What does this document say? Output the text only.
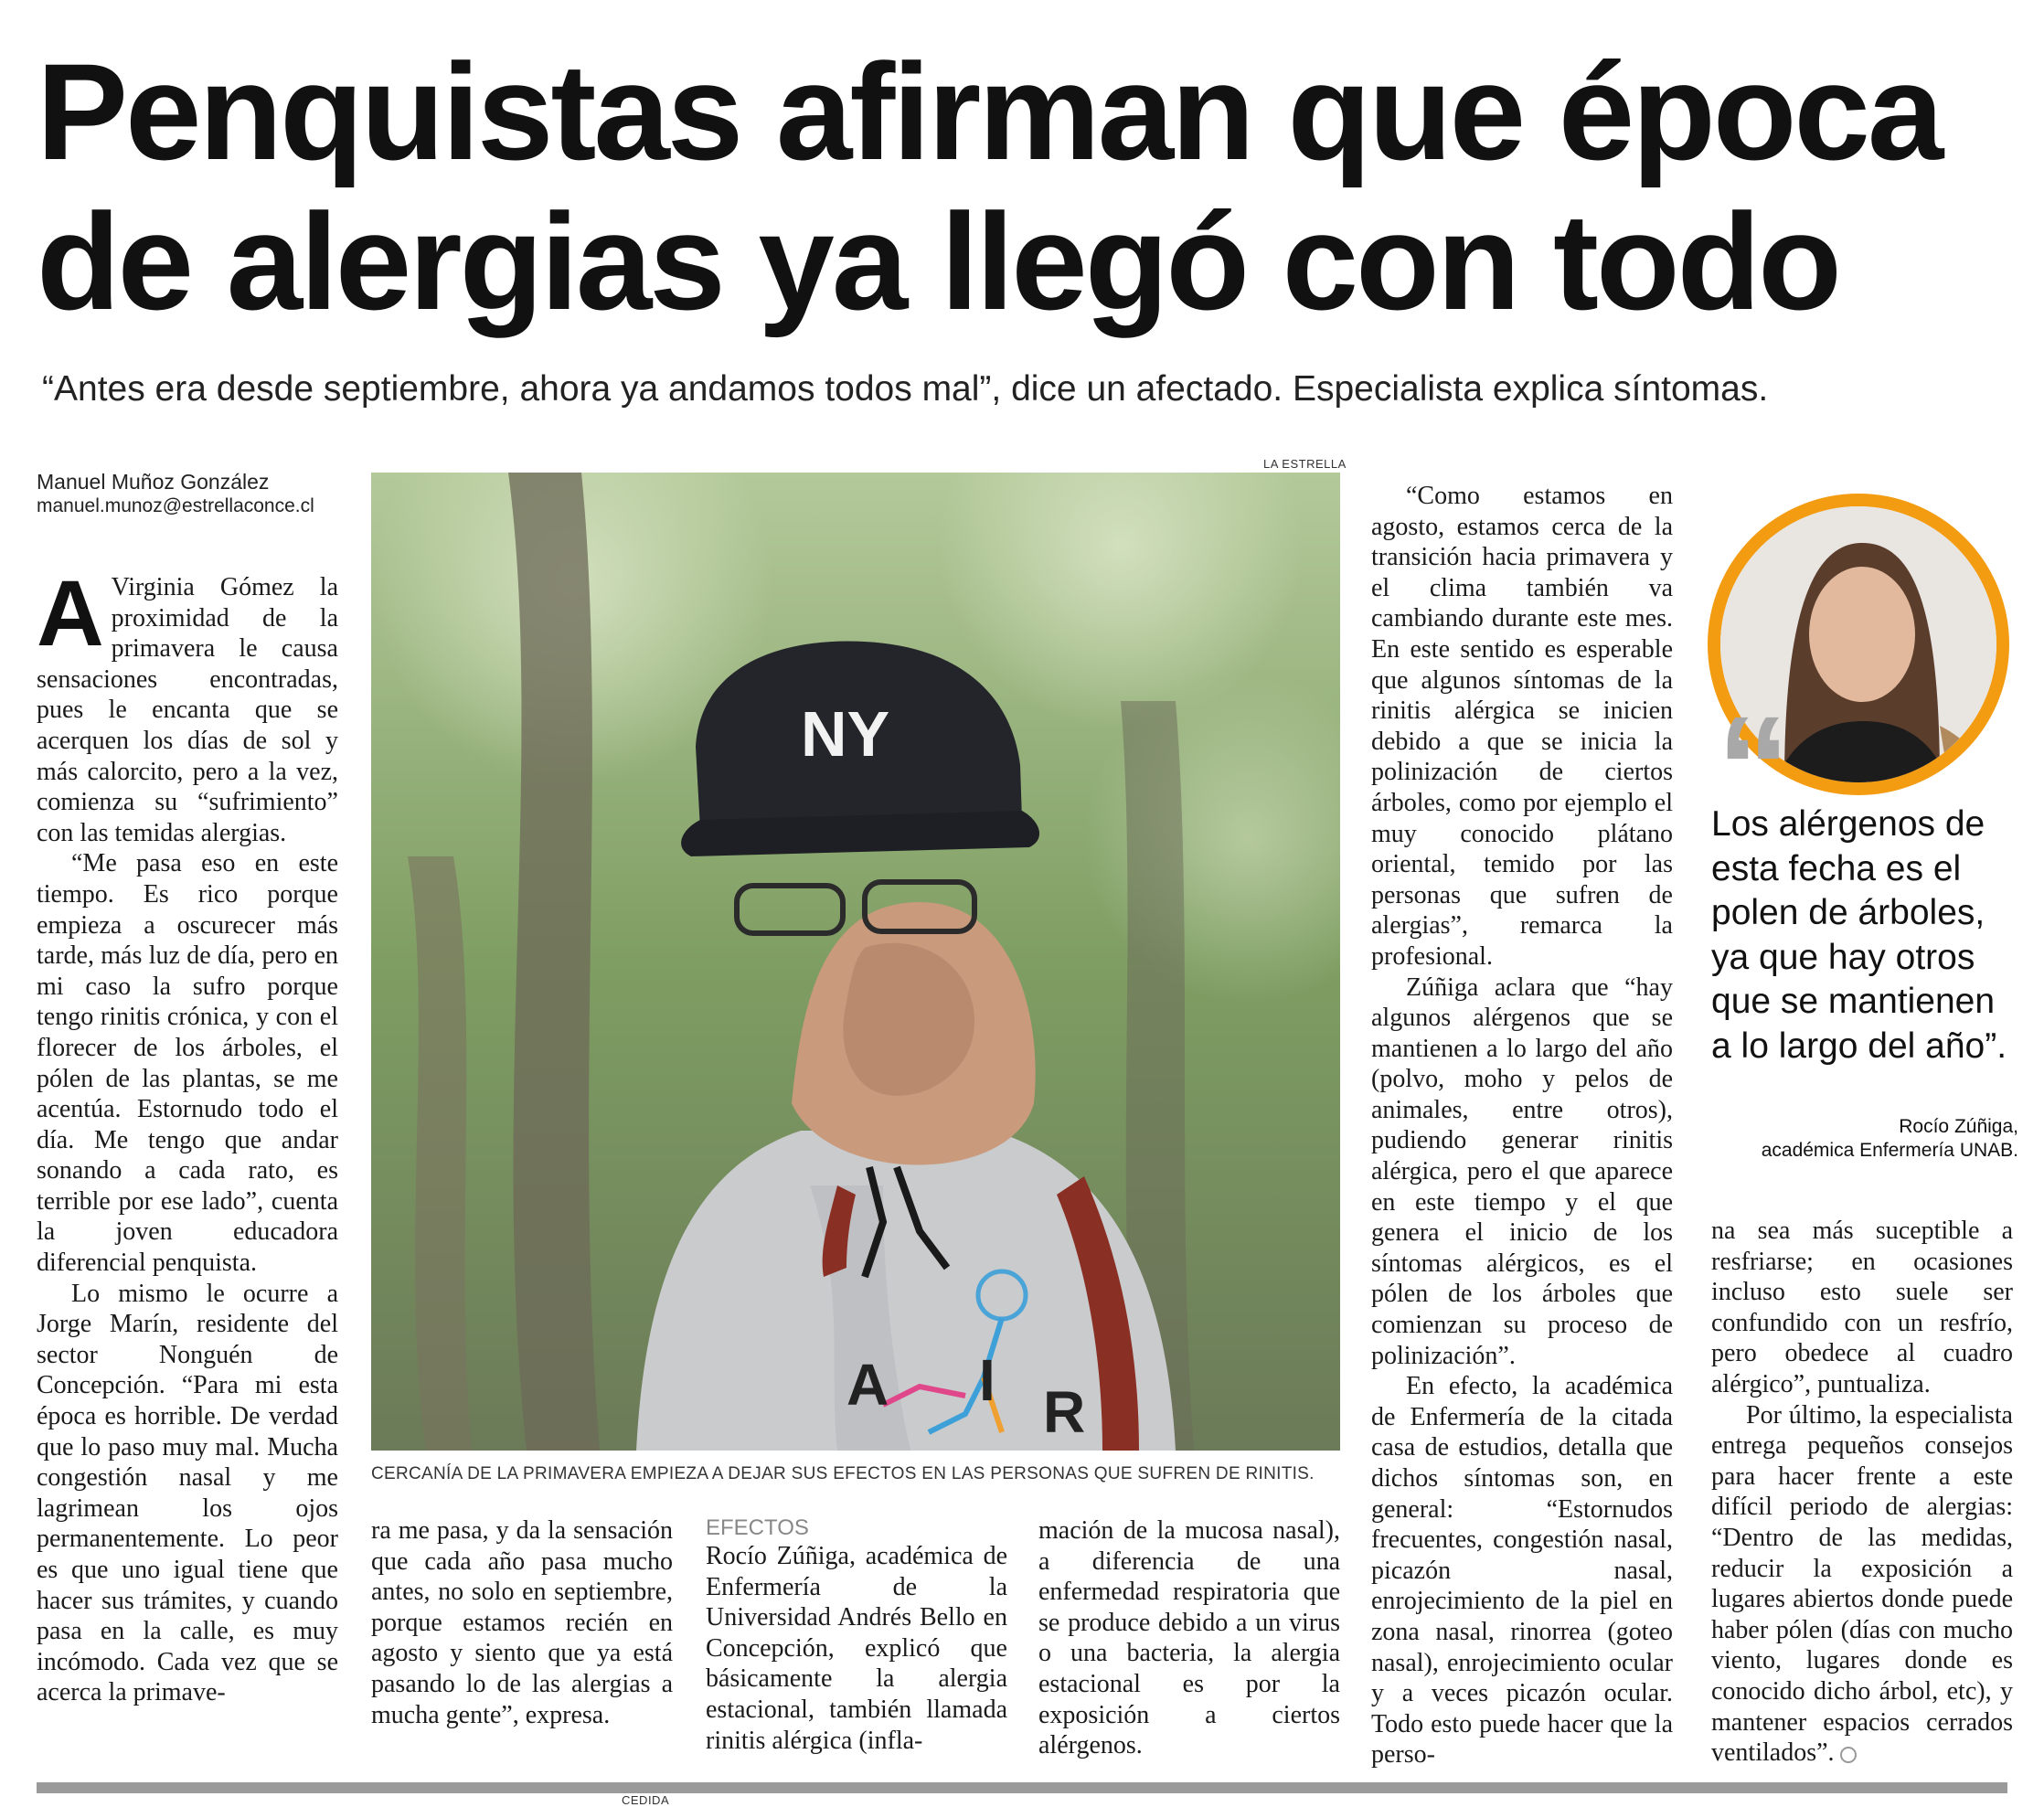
Penquistas afirman que época
de alergias ya llegó con todo
“Antes era desde septiembre, ahora ya andamos todos mal”, dice un afectado. Especialista explica síntomas.
Manuel Muñoz González
manuel.munoz@estrellaconce.cl
A Virginia Gómez la proximidad de la primavera le causa sensaciones encontradas, pues le encanta que se acerquen los días de sol y más calorcito, pero a la vez, comienza su “sufrimiento” con las temidas alergias.

“Me pasa eso en este tiempo. Es rico porque empieza a oscurecer más tarde, más luz de día, pero en mi caso la sufro porque tengo rinitis crónica, y con el florecer de los árboles, el pólen de las plantas, se me acentúa. Estornudo todo el día. Me tengo que andar sonando a cada rato, es terrible por ese lado”, cuenta la joven educadora diferencial penquista.

Lo mismo le ocurre a Jorge Marín, residente del sector Nonguén de Concepción. “Para mi esta época es horrible. De verdad que lo paso muy mal. Mucha congestión nasal y me lagrimean los ojos permanentemente. Lo peor es que uno igual tiene que hacer sus trámites, y cuando pasa en la calle, es muy incómodo. Cada vez que se acerca la primave-

LA ESTRELLA
NY
A I R
CERCANÍA DE LA PRIMAVERA EMPIEZA A DEJAR SUS EFECTOS EN LAS PERSONAS QUE SUFREN DE RINITIS.

ra me pasa, y da la sensación que cada año pasa mucho antes, no solo en septiembre, porque estamos recién en agosto y siento que ya está pasando lo de las alergias a mucha gente”, expresa.

EFECTOS

Rocío Zúñiga, académica de Enfermería de la Universidad Andrés Bello en Concepción, explicó que básicamente la alergia estacional, también llamada rinitis alérgica (infla-

mación de la mucosa nasal), a diferencia de una enfermedad respiratoria que se produce debido a un virus o una bacteria, la alergia estacional es por la exposición a ciertos alérgenos.

“Como estamos en agosto, estamos cerca de la transición hacia primavera y el clima también va cambiando durante este mes. En este sentido es esperable que algunos síntomas de la rinitis alérgica se inicien debido a que se inicia la polinización de ciertos árboles, como por ejemplo el muy conocido plátano oriental, temido por las personas que sufren de alergias”, remarca la profesional.

Zúñiga aclara que “hay algunos alérgenos que se mantienen a lo largo del año (polvo, moho y pelos de animales, entre otros), pudiendo generar rinitis alérgica, pero el que aparece en este tiempo y el que genera el inicio de los síntomas alérgicos, es el pólen de los árboles que comienzan su proceso de polinización”.

En efecto, la académica de Enfermería de la citada casa de estudios, detalla que dichos síntomas son, en general: “Estornudos frecuentes, congestión nasal, picazón nasal, enrojecimiento de la piel en zona nasal, rinorrea (goteo nasal), enrojecimiento ocular y a veces picazón ocular. Todo esto puede hacer que la perso-

“
Los alérgenos de esta fecha es el polen de árboles, ya que hay otros que se mantienen a lo largo del año”.
Rocío Zúñiga,
académica Enfermería UNAB.

na sea más suceptible a resfriarse; en ocasiones incluso esto suele ser confundido con un resfrío, pero obedece al cuadro alérgico”, puntualiza.

Por último, la especialista entrega pequeños consejos para hacer frente a este difícil periodo de alergias: “Dentro de las medidas, reducir la exposición a lugares abiertos donde puede haber pólen (días con mucho viento, lugares donde es conocido dicho árbol, etc), y mantener espacios cerrados ventilados”.

CEDIDA
